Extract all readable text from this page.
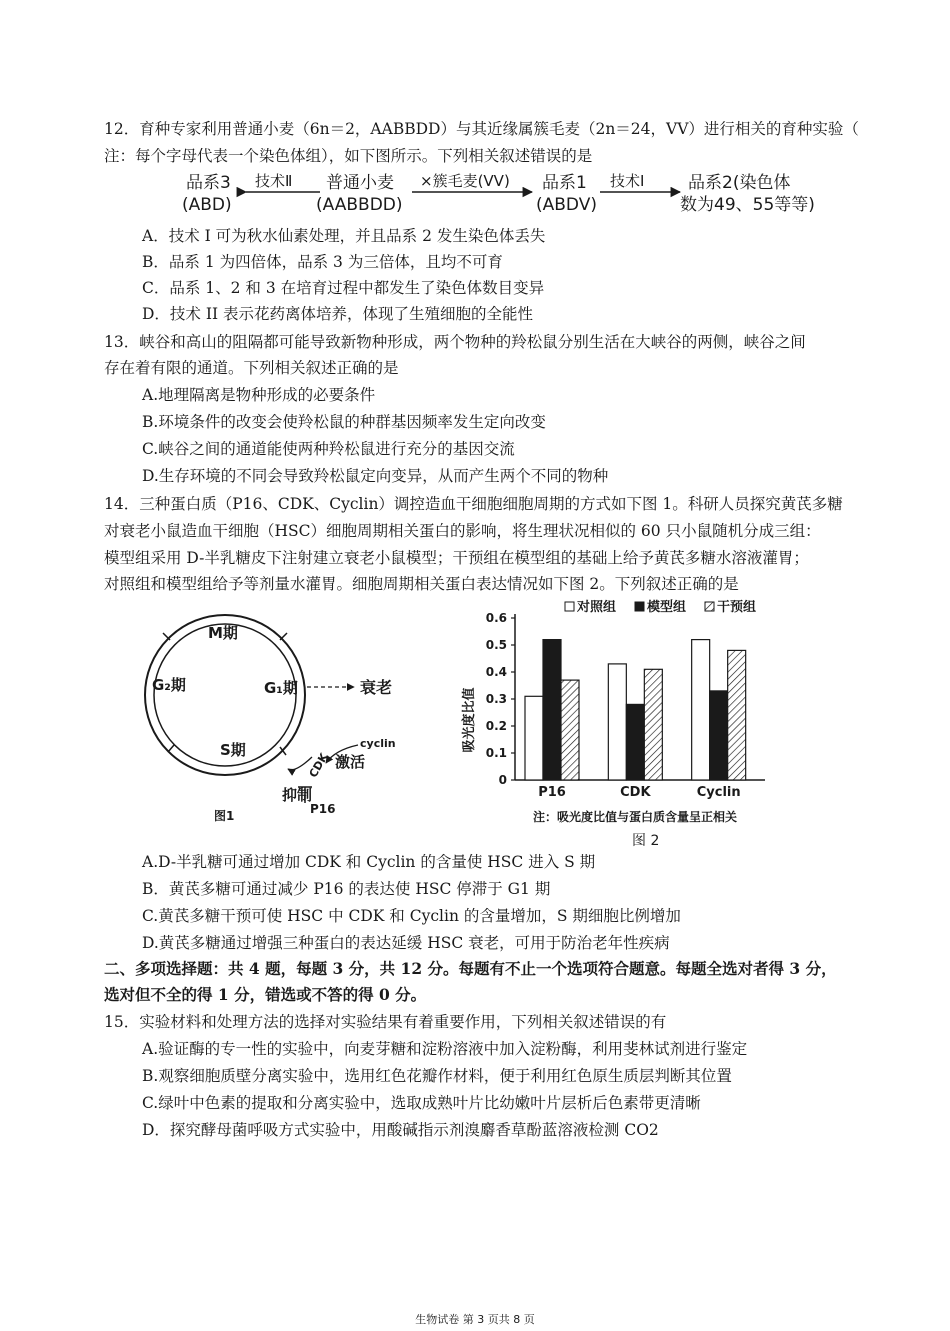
12．育种专家利用普通小麦（6n＝2，AABBDD）与其近缘属簇毛麦（2n＝24，VV）进行相关的育种实验（
注：每个字母代表一个染色体组），如下图所示。下列相关叙述错误的是
品系3
(ABD)
技术Ⅱ 普通小麦
(AABBDD)
×簇毛麦(VV) 品系1
(ABDV)
技术Ⅰ	品系2(染色体
数为49、55等等)
A．技术 I 可为秋水仙素处理，并且品系 2 发生染色体丢失
B．品系 1 为四倍体，品系 3 为三倍体，且均不可育
C．品系 1、2 和 3 在培育过程中都发生了染色体数目变异
D．技术 II 表示花药离体培养，体现了生殖细胞的全能性
13．峡谷和高山的阻隔都可能导致新物种形成，两个物种的羚松鼠分别生活在大峡谷的两侧，峡谷之间
存在着有限的通道。下列相关叙述正确的是
A.地理隔离是物种形成的必要条件
B.环境条件的改变会使羚松鼠的种群基因频率发生定向改变
C.峡谷之间的通道能使两种羚松鼠进行充分的基因交流
D.生存环境的不同会导致羚松鼠定向变异，从而产生两个不同的物种
14．三种蛋白质（P16、CDK、Cyclin）调控造血干细胞细胞周期的方式如下图 1。科研人员探究黄芪多糖
对衰老小鼠造血干细胞（HSC）细胞周期相关蛋白的影响，将生理状况相似的 60 只小鼠随机分成三组：
模型组采用 D-半乳糖皮下注射建立衰老小鼠模型；干预组在模型组的基础上给予黄芪多糖水溶液灌胃；
对照组和模型组给予等剂量水灌胃。细胞周期相关蛋白表达情况如下图 2。下列叙述正确的是
M期
G₂期	G₁期
S期
衰老
cyclin
CDK 激活
抑制
P16
图1
对照组 模型组 干预组
吸光度比值
0
0.1
0.2
0.3
0.4
0.5
0.6
P16	CDK	Cyclin
注：吸光度比值与蛋白质含量呈正相关
图 2
A.D-半乳糖可通过增加 CDK 和 Cyclin 的含量使 HSC 进入 S 期
B．黄芪多糖可通过减少 P16 的表达使 HSC 停滞于 G1 期
C.黄芪多糖干预可使 HSC 中 CDK 和 Cyclin 的含量增加，S 期细胞比例增加
D.黄芪多糖通过增强三种蛋白的表达延缓 HSC 衰老，可用于防治老年性疾病
二、多项选择题：共 4 题，每题 3 分，共 12 分。每题有不止一个选项符合题意。每题全选对者得 3 分，
选对但不全的得 1 分，错选或不答的得 0 分。
15．实验材料和处理方法的选择对实验结果有着重要作用，下列相关叙述错误的有
A.验证酶的专一性的实验中，向麦芽糖和淀粉溶液中加入淀粉酶，利用斐林试剂进行鉴定
B.观察细胞质壁分离实验中，选用红色花瓣作材料，便于利用红色原生质层判断其位置
C.绿叶中色素的提取和分离实验中，选取成熟叶片比幼嫩叶片层析后色素带更清晰
D．探究酵母菌呼吸方式实验中，用酸碱指示剂溴麝香草酚蓝溶液检测 CO2
生物试卷 第 3 页共 8 页
